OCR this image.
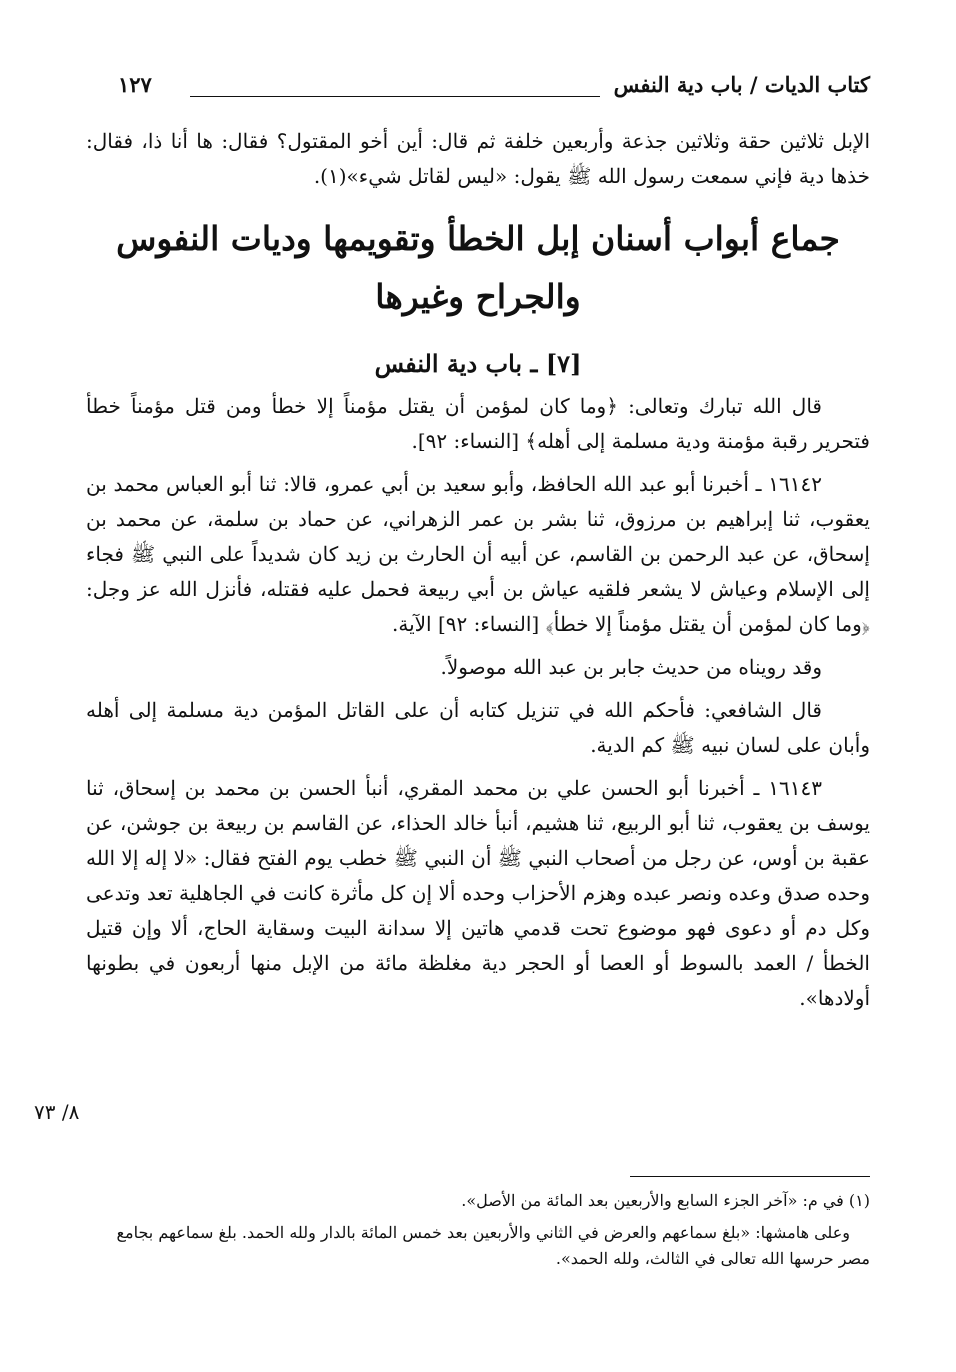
كتاب الديات / باب دية النفس
١٢٧

الإبل ثلاثين حقة وثلاثين جذعة وأربعين خلفة ثم قال: أين أخو المقتول؟ فقال: ها أنا ذا، فقال: خذها دية فإني سمعت رسول الله ﷺ يقول: «ليس لقاتل شيء»(١).

جماع أبواب أسنان إبل الخطأ وتقويمها وديات النفوس والجراح وغيرها
[٧] ـ باب دية النفس

قال الله تبارك وتعالى: ﴿وما كان لمؤمن أن يقتل مؤمناً إلا خطأ ومن قتل مؤمناً خطأ فتحرير رقبة مؤمنة ودية مسلمة إلى أهله﴾ [النساء: ٩٢].

١٦١٤٢ ـ أخبرنا أبو عبد الله الحافظ، وأبو سعيد بن أبي عمرو، قالا: ثنا أبو العباس محمد بن يعقوب، ثنا إبراهيم بن مرزوق، ثنا بشر بن عمر الزهراني، عن حماد بن سلمة، عن محمد بن إسحاق، عن عبد الرحمن بن القاسم، عن أبيه أن الحارث بن زيد كان شديداً على النبي ﷺ فجاء إلى الإسلام وعياش لا يشعر فلقيه عياش بن أبي ربيعة فحمل عليه فقتله، فأنزل الله عز وجل: ﴿وما كان لمؤمن أن يقتل مؤمناً إلا خطأ﴾ [النساء: ٩٢] الآية.

وقد رويناه من حديث جابر بن عبد الله موصولاً.

قال الشافعي: فأحكم الله في تنزيل كتابه أن على القاتل المؤمن دية مسلمة إلى أهله وأبان على لسان نبيه ﷺ كم الدية.

١٦١٤٣ ـ أخبرنا أبو الحسن علي بن محمد المقري، أنبأ الحسن بن محمد بن إسحاق، ثنا يوسف بن يعقوب، ثنا أبو الربيع، ثنا هشيم، أنبأ خالد الحذاء، عن القاسم بن ربيعة بن جوشن، عن عقبة بن أوس، عن رجل من أصحاب النبي ﷺ أن النبي ﷺ خطب يوم الفتح فقال: «لا إله إلا الله وحده صدق وعده ونصر عبده وهزم الأحزاب وحده ألا إن كل مأثرة كانت في الجاهلية تعد وتدعى وكل دم أو دعوى فهو موضوع تحت قدمي هاتين إلا سدانة البيت وسقاية الحاج، ألا وإن قتيل الخطأ / العمد بالسوط أو العصا أو الحجر دية مغلظة مائة من الإبل منها أربعون في بطونها أولادها».

٨/ ٧٣

(١) في م: «آخر الجزء السابع والأربعين بعد المائة من الأصل».

وعلى هامشها: «بلغ سماعهم والعرض في الثاني والأربعين بعد خمس المائة بالدار ولله الحمد. بلغ سماعهم بجامع مصر حرسها الله تعالى في الثالث، ولله الحمد».
